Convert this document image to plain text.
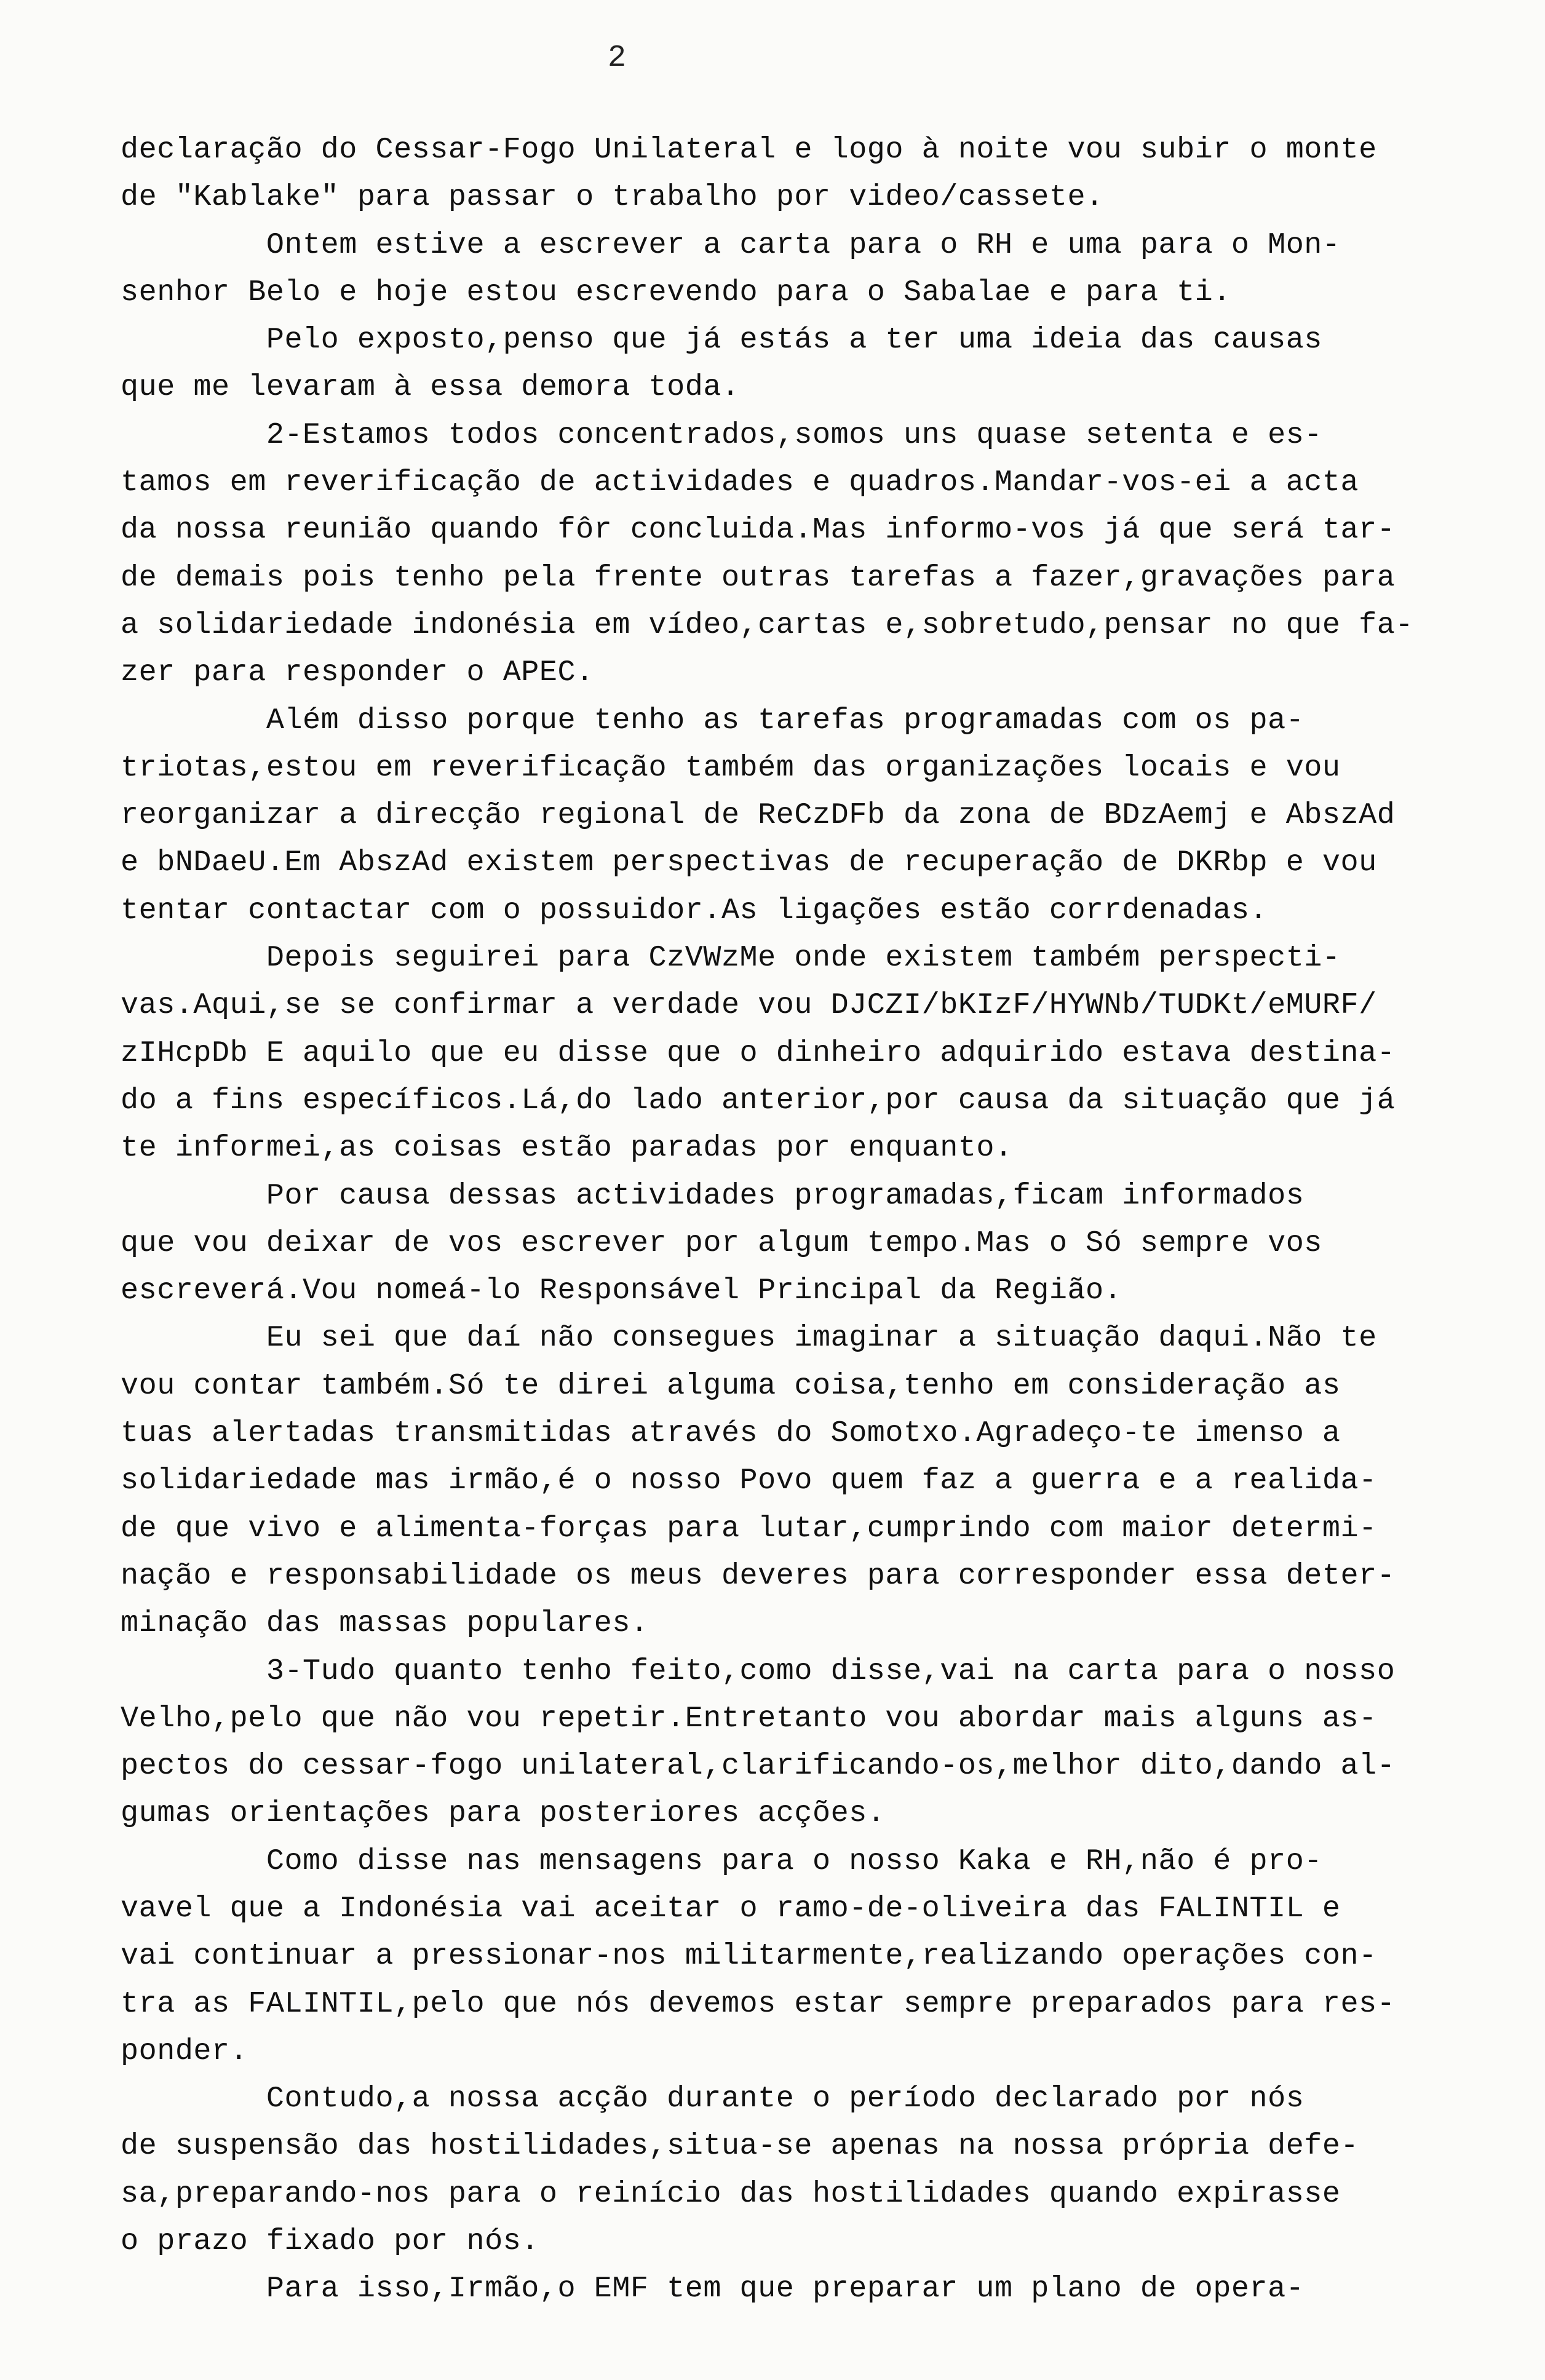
2
declaração do Cessar-Fogo Unilateral e logo à noite vou subir o monte
de "Kablake" para passar o trabalho por video/cassete.
Ontem estive a escrever a carta para o RH e uma para o Mon-
senhor Belo e hoje estou escrevendo para o Sabalae e para ti.
Pelo exposto,penso que já estás a ter uma ideia das causas
que me levaram à essa demora toda.
2-Estamos todos concentrados,somos uns quase setenta e es-
tamos em reverificação de actividades e quadros.Mandar-vos-ei a acta
da nossa reunião quando fôr concluida.Mas informo-vos já que será tar-
de demais pois tenho pela frente outras tarefas a fazer,gravações para
a solidariedade indonésia em vídeo,cartas e,sobretudo,pensar no que fa-
zer para responder o APEC.
Além disso porque tenho as tarefas programadas com os pa-
triotas,estou em reverificação também das organizações locais e vou
reorganizar a direcção regional de ReCzDFb da zona de BDzAemj e AbszAd
e bNDaeU.Em AbszAd existem perspectivas de recuperação de DKRbp e vou
tentar contactar com o possuidor.As ligações estão corrdenadas.
Depois seguirei para CzVWzMe onde existem também perspecti-
vas.Aqui,se se confirmar a verdade vou DJCZI/bKIzF/HYWNb/TUDKt/eMURF/
zIHcpDb E aquilo que eu disse que o dinheiro adquirido estava destina-
do a fins específicos.Lá,do lado anterior,por causa da situação que já
te informei,as coisas estão paradas por enquanto.
Por causa dessas actividades programadas,ficam informados
que vou deixar de vos escrever por algum tempo.Mas o Só sempre vos
escreverá.Vou nomeá-lo Responsável Principal da Região.
Eu sei que daí não consegues imaginar a situação daqui.Não te
vou contar também.Só te direi alguma coisa,tenho em consideração as
tuas alertadas transmitidas através do Somotxo.Agradeço-te imenso a
solidariedade mas irmão,é o nosso Povo quem faz a guerra e a realida-
de que vivo e alimenta-forças para lutar,cumprindo com maior determi-
nação e responsabilidade os meus deveres para corresponder essa deter-
minação das massas populares.
3-Tudo quanto tenho feito,como disse,vai na carta para o nosso
Velho,pelo que não vou repetir.Entretanto vou abordar mais alguns as-
pectos do cessar-fogo unilateral,clarificando-os,melhor dito,dando al-
gumas orientações para posteriores acções.
Como disse nas mensagens para o nosso Kaka e RH,não é pro-
vavel que a Indonésia vai aceitar o ramo-de-oliveira das FALINTIL e
vai continuar a pressionar-nos militarmente,realizando operações con-
tra as FALINTIL,pelo que nós devemos estar sempre preparados para res-
ponder.
Contudo,a nossa acção durante o período declarado por nós
de suspensão das hostilidades,situa-se apenas na nossa própria defe-
sa,preparando-nos para o reinício das hostilidades quando expirasse
o prazo fixado por nós.
Para isso,Irmão,o EMF tem que preparar um plano de opera-
